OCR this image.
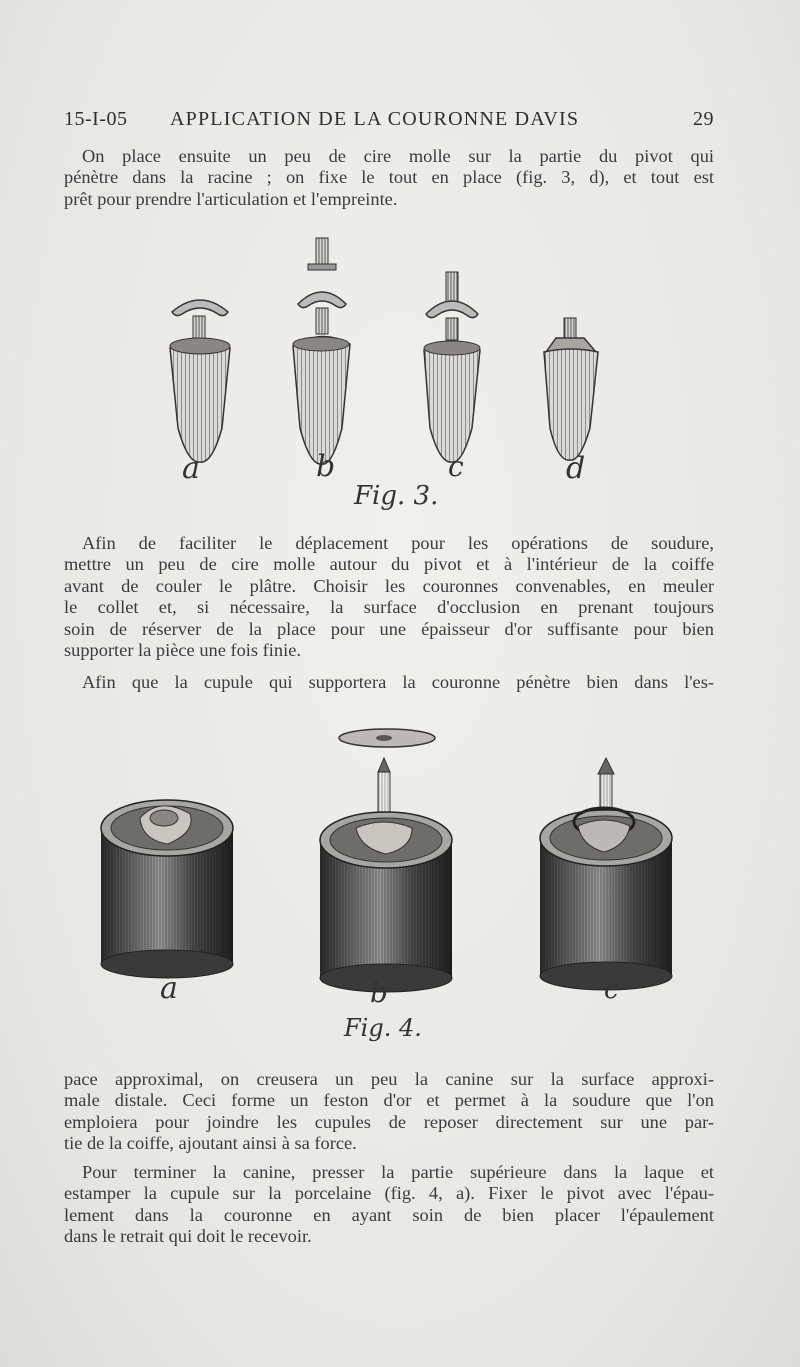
15-I-05 APPLICATION DE LA COURONNE DAVIS	29
On place ensuite un peu de cire molle sur la partie du pivot qui
pénètre dans la racine ; on fixe le tout en place (fig. 3, d), et tout est
prêt pour prendre l'articulation et l'empreinte.
a	b	c	d
Fig. 3.
Afin de faciliter le déplacement pour les opérations de soudure,
mettre un peu de cire molle autour du pivot et à l'intérieur de la coiffe
avant de couler le plâtre. Choisir les couronnes convenables, en meuler
le collet et, si nécessaire, la surface d'occlusion en prenant toujours
soin de réserver de la place pour une épaisseur d'or suffisante pour bien
supporter la pièce une fois finie.
Afin que la cupule qui supportera la couronne pénètre bien dans l'es-
a	b	c
Fig. 4.
pace approximal, on creusera un peu la canine sur la surface approxi-
male distale. Ceci forme un feston d'or et permet à la soudure que l'on
emploiera pour joindre les cupules de reposer directement sur une par-
tie de la coiffe, ajoutant ainsi à sa force.
Pour terminer la canine, presser la partie supérieure dans la laque et
estamper la cupule sur la porcelaine (fig. 4, a). Fixer le pivot avec l'épau-
lement dans la couronne en ayant soin de bien placer l'épaulement
dans le retrait qui doit le recevoir.
